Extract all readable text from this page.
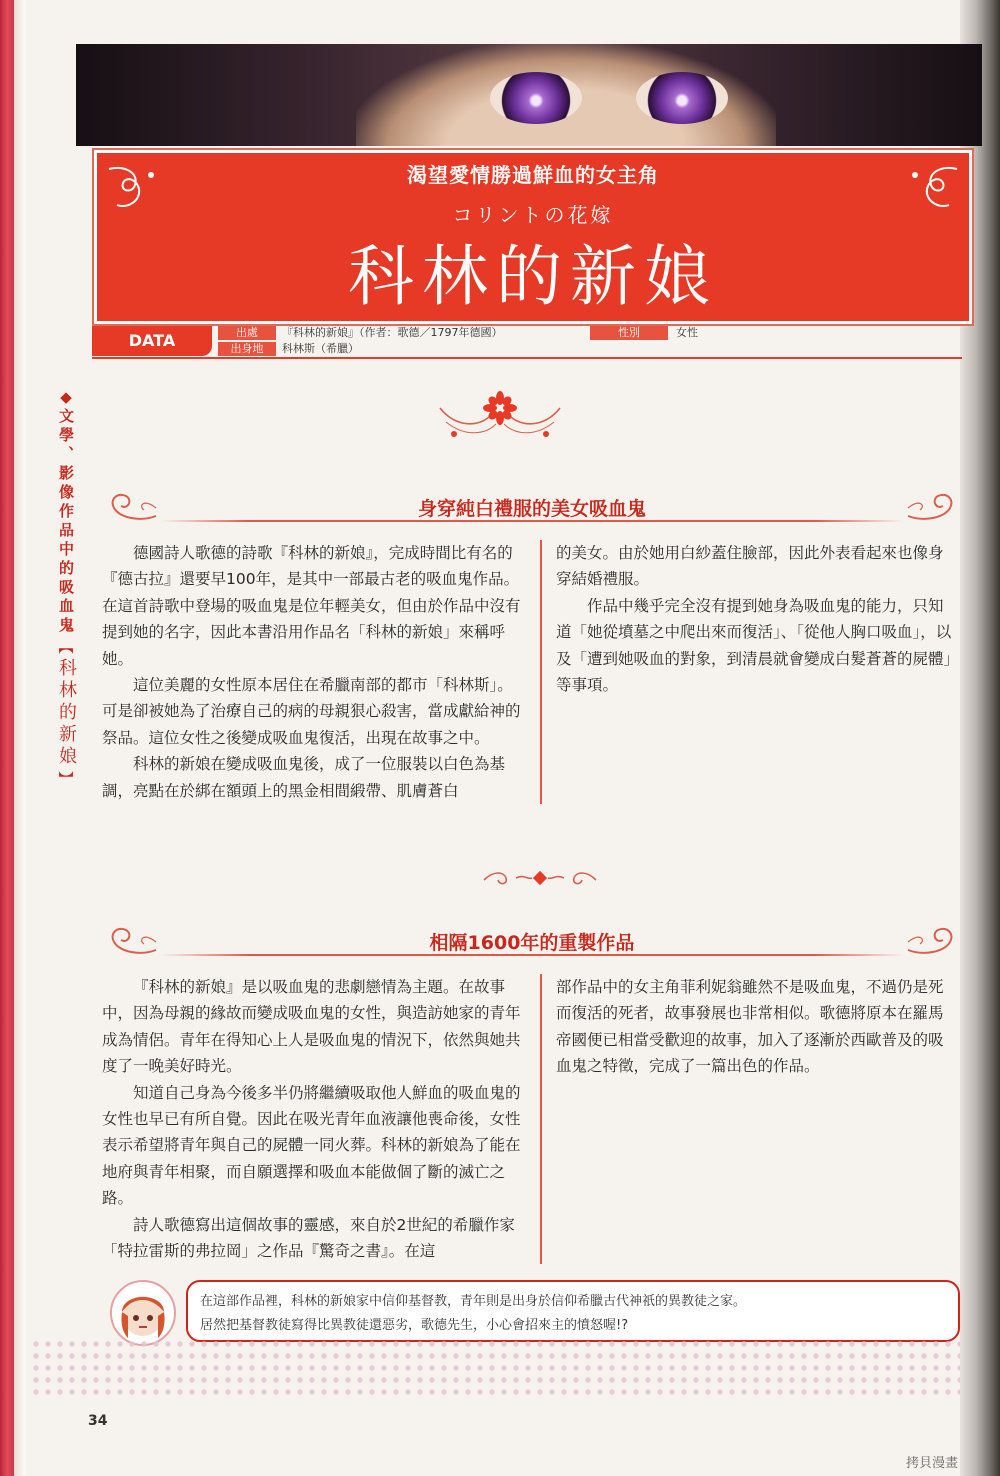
渴望愛情勝過鮮血的女主角
コリントの花嫁
科林的新娘
DATA	出處	『科林的新娘』（作者：歌德／1797年德國）
出身地	科林斯（希臘）
性別	女性
◆
文學、影像作品中的吸血鬼
︻
科林的新娘
︼
身穿純白禮服的美女吸血鬼

德國詩人歌德的詩歌『科林的新娘』，完成時間比有名的『德古拉』還要早100年，是其中一部最古老的吸血鬼作品。在這首詩歌中登場的吸血鬼是位年輕美女，但由於作品中沒有提到她的名字，因此本書沿用作品名「科林的新娘」來稱呼她。

這位美麗的女性原本居住在希臘南部的都市「科林斯」。可是卻被她為了治療自己的病的母親狠心殺害，當成獻給神的祭品。這位女性之後變成吸血鬼復活，出現在故事之中。

科林的新娘在變成吸血鬼後，成了一位服裝以白色為基調，亮點在於綁在額頭上的黑金相間緞帶、肌膚蒼白

的美女。由於她用白紗蓋住臉部，因此外表看起來也像身穿結婚禮服。

作品中幾乎完全沒有提到她身為吸血鬼的能力，只知道「她從墳墓之中爬出來而復活」、「從他人胸口吸血」，以及「遭到她吸血的對象，到清晨就會變成白髮蒼蒼的屍體」等事項。

相隔1600年的重製作品

『科林的新娘』是以吸血鬼的悲劇戀情為主題。在故事中，因為母親的緣故而變成吸血鬼的女性，與造訪她家的青年成為情侶。青年在得知心上人是吸血鬼的情況下，依然與她共度了一晚美好時光。

知道自己身為今後多半仍將繼續吸取他人鮮血的吸血鬼的女性也早已有所自覺。因此在吸光青年血液讓他喪命後，女性表示希望將青年與自己的屍體一同火葬。科林的新娘為了能在地府與青年相聚，而自願選擇和吸血本能做個了斷的滅亡之路。

詩人歌德寫出這個故事的靈感，來自於2世紀的希臘作家「特拉雷斯的弗拉岡」之作品『驚奇之書』。在這

部作品中的女主角菲利妮翁雖然不是吸血鬼，不過仍是死而復活的死者，故事發展也非常相似。歌德將原本在羅馬帝國便已相當受歡迎的故事，加入了逐漸於西歐普及的吸血鬼之特徵，完成了一篇出色的作品。

在這部作品裡，科林的新娘家中信仰基督教，青年則是出身於信仰希臘古代神祇的異教徒之家。
居然把基督教徒寫得比異教徒還惡劣，歌德先生，小心會招來主的憤怒喔!?
34
拷貝漫畫
